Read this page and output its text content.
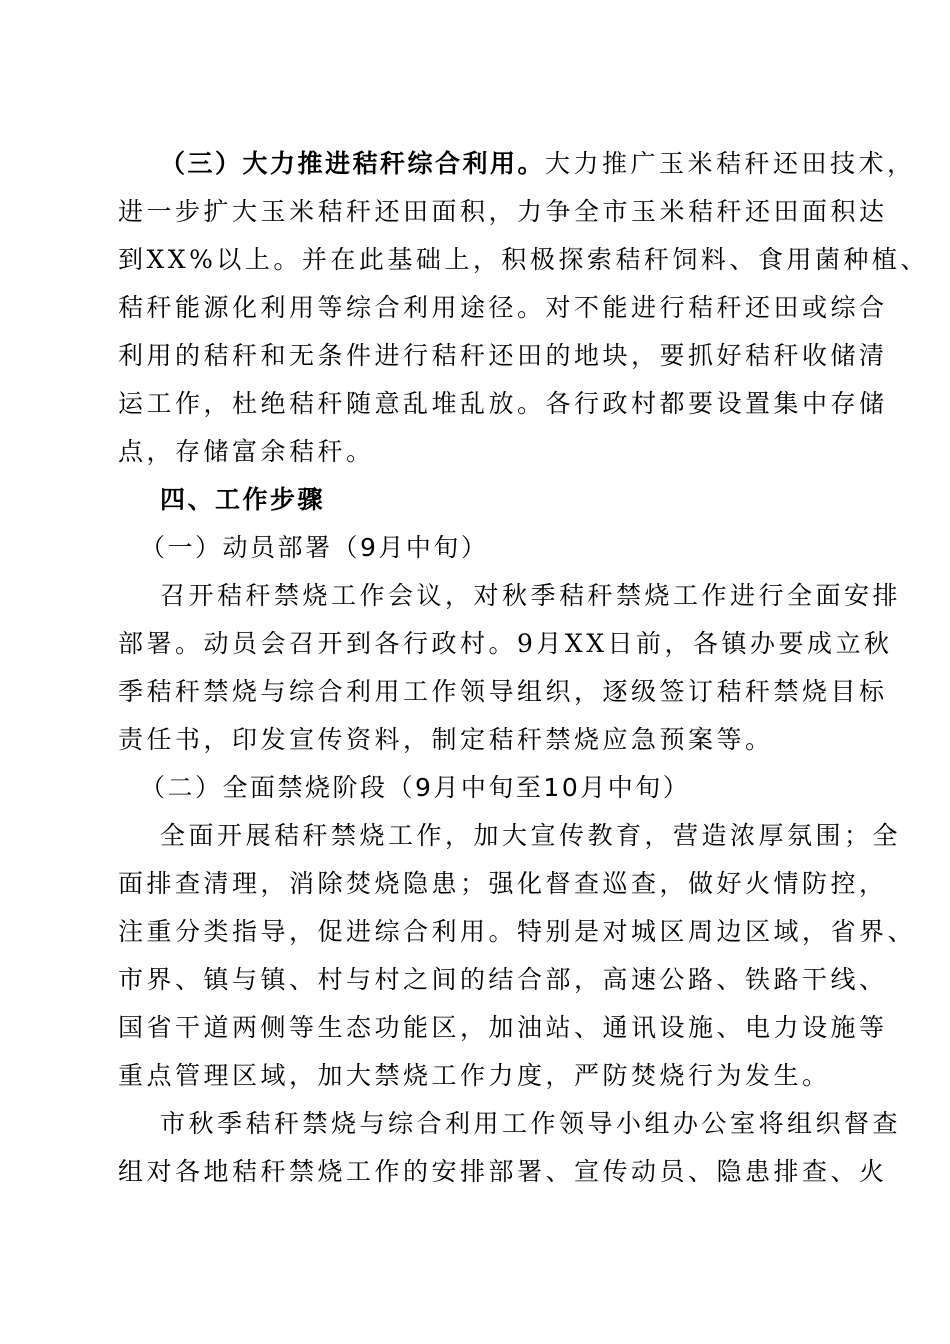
（三）大力推进秸秆综合利用。大力推广玉米秸秆还田技术，
进一步扩大玉米秸秆还田面积，力争全市玉米秸秆还田面积达
到XX%以上。并在此基础上，积极探索秸秆饲料、食用菌种植、
秸秆能源化利用等综合利用途径。对不能进行秸秆还田或综合
利用的秸秆和无条件进行秸秆还田的地块，要抓好秸秆收储清
运工作，杜绝秸秆随意乱堆乱放。各行政村都要设置集中存储
点，存储富余秸秆。
四、工作步骤
（一）动员部署（9月中旬）
召开秸秆禁烧工作会议，对秋季秸秆禁烧工作进行全面安排
部署。动员会召开到各行政村。9月XX日前，各镇办要成立秋
季秸秆禁烧与综合利用工作领导组织，逐级签订秸秆禁烧目标
责任书，印发宣传资料，制定秸秆禁烧应急预案等。
（二）全面禁烧阶段（9月中旬至10月中旬）
全面开展秸秆禁烧工作，加大宣传教育，营造浓厚氛围；全
面排查清理，消除焚烧隐患；强化督查巡查，做好火情防控，
注重分类指导，促进综合利用。特别是对城区周边区域，省界、
市界、镇与镇、村与村之间的结合部，高速公路、铁路干线、
国省干道两侧等生态功能区，加油站、通讯设施、电力设施等
重点管理区域，加大禁烧工作力度，严防焚烧行为发生。
市秋季秸秆禁烧与综合利用工作领导小组办公室将组织督查
组对各地秸秆禁烧工作的安排部署、宣传动员、隐患排查、火
